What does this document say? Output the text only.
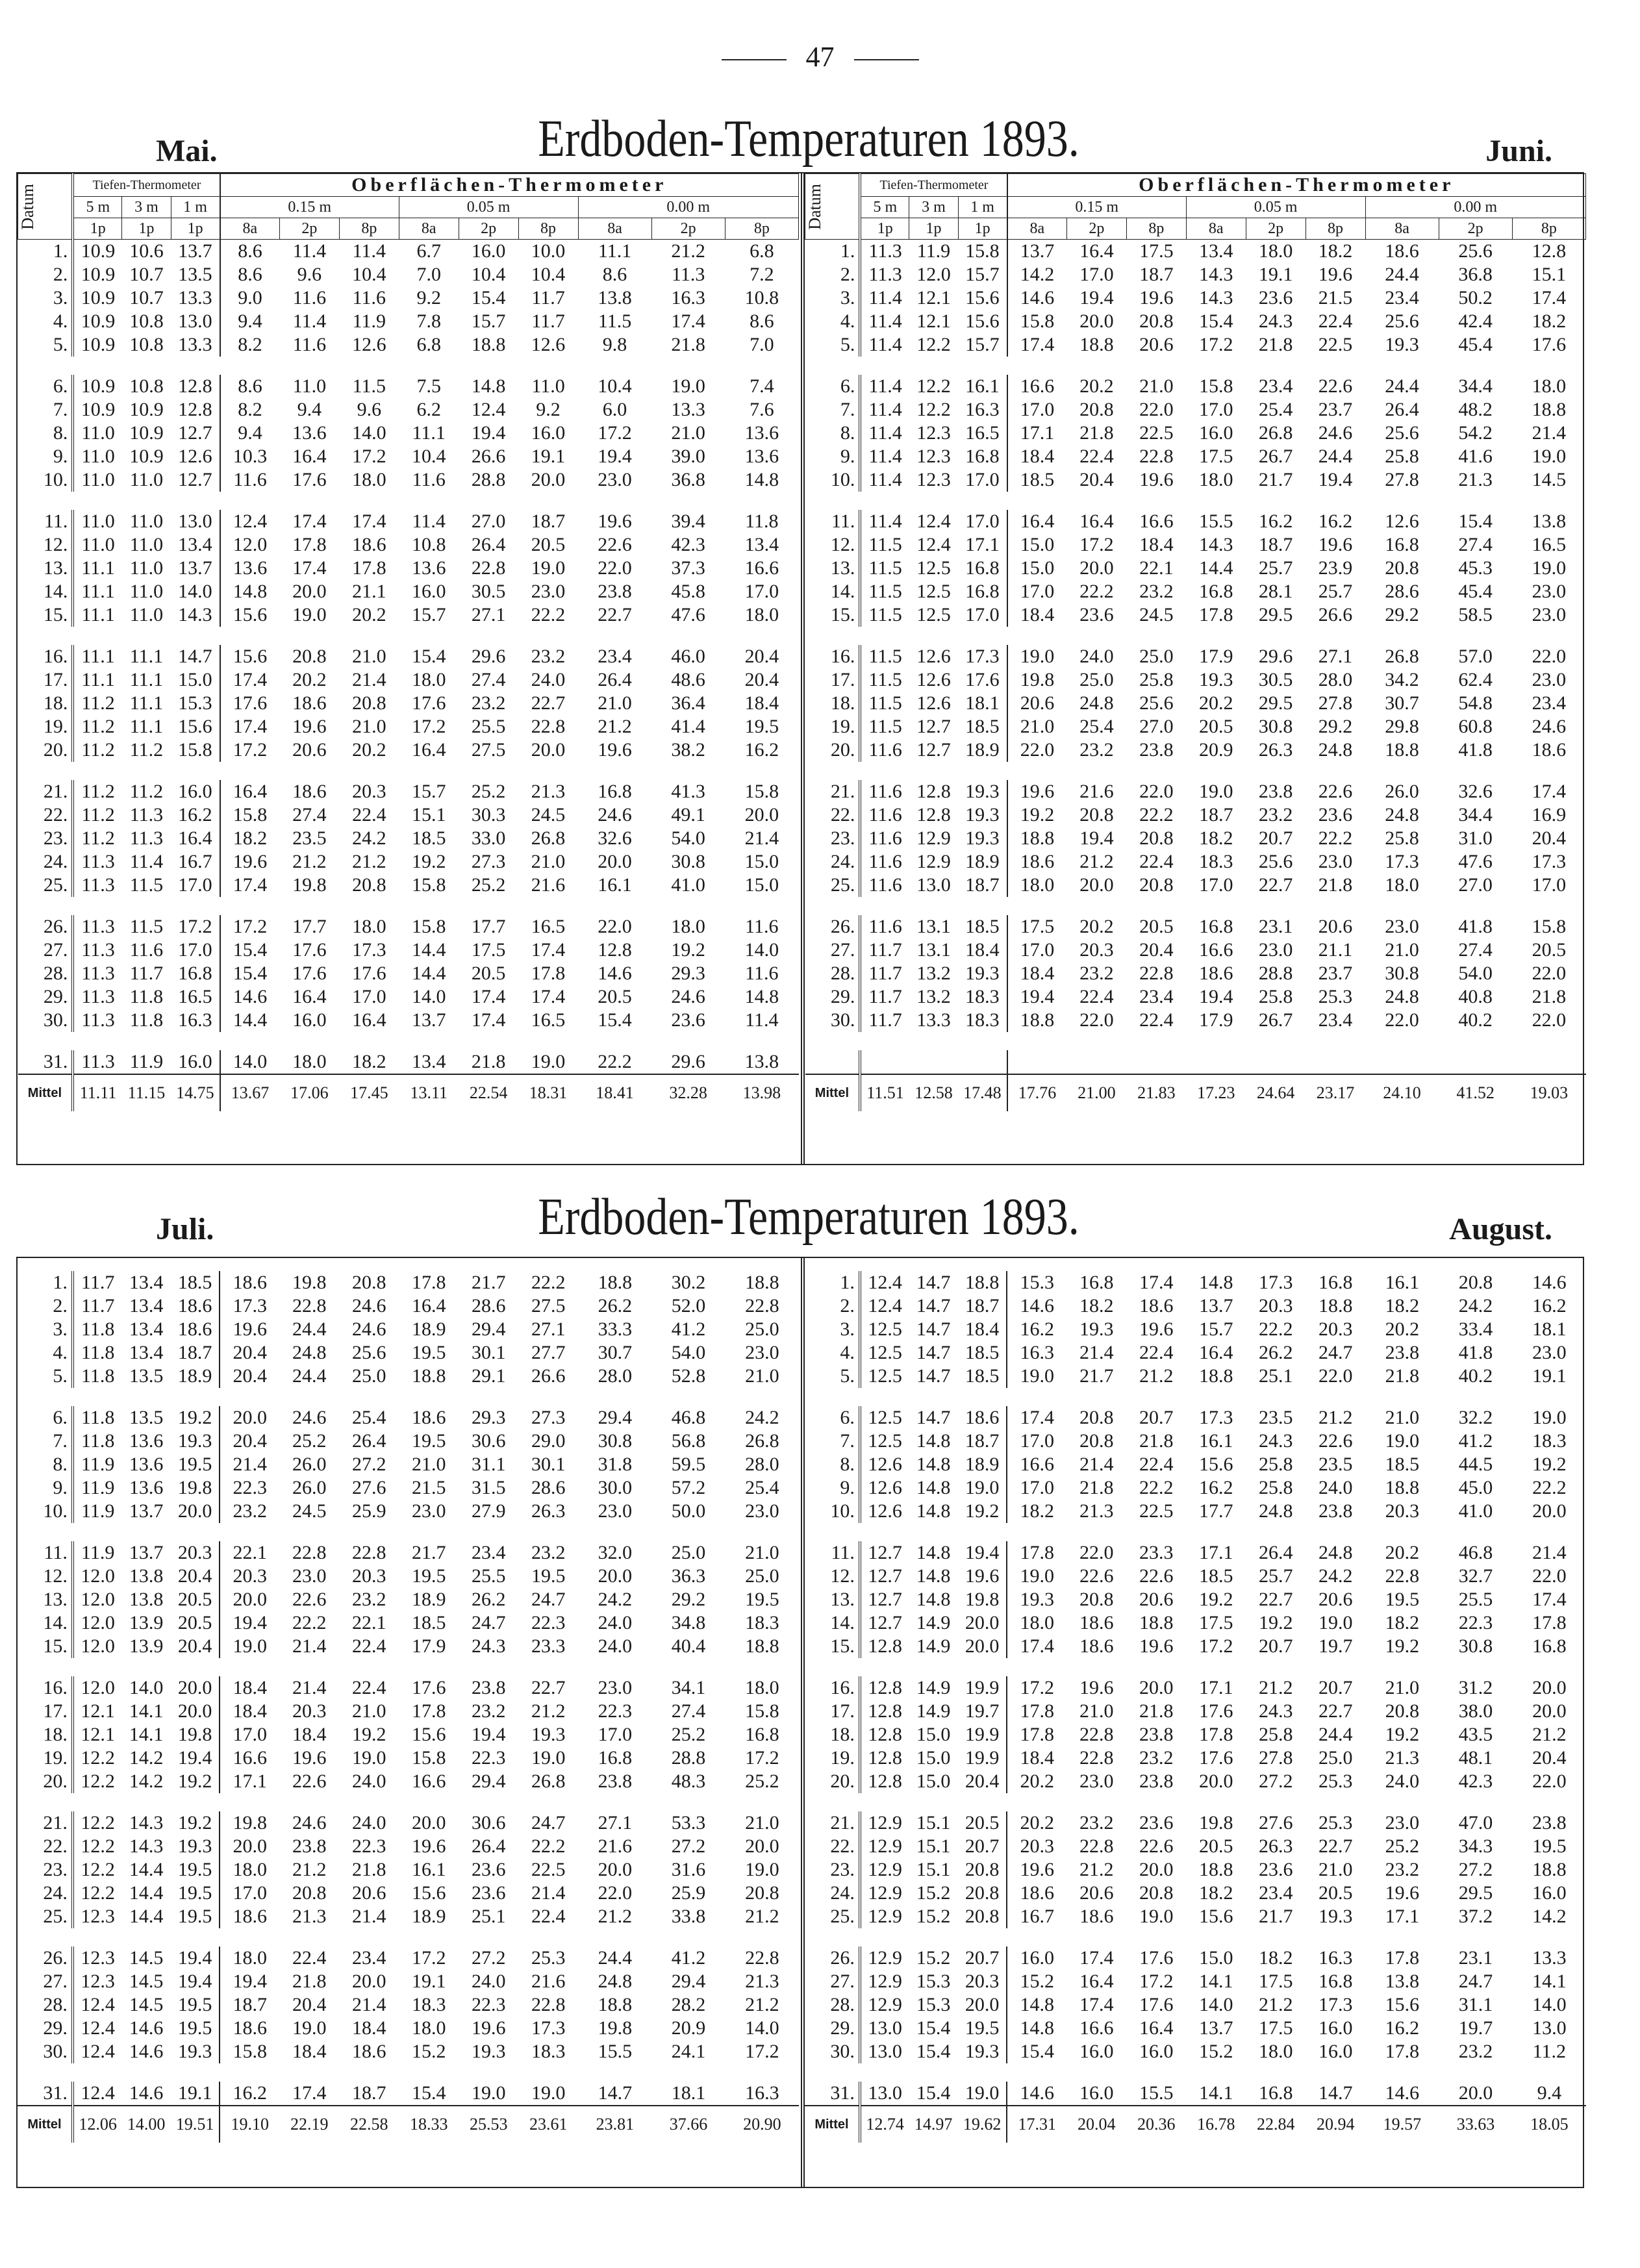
47
Mai.	Erdboden-Temperaturen 1893.	Juni.
Datum	Tiefen-Thermometer			Oberflächen-Thermometer								
	5 m	3 m	1 m	0.15 m			0.05 m			0.00 m		
	1p	1p	1p	8a	2p	8p	8a	2p	8p	8a	2p	8p
1.	10.9	10.6	13.7	8.6	11.4	11.4	6.7	16.0	10.0	11.1	21.2	6.8
2.	10.9	10.7	13.5	8.6	9.6	10.4	7.0	10.4	10.4	8.6	11.3	7.2
3.	10.9	10.7	13.3	9.0	11.6	11.6	9.2	15.4	11.7	13.8	16.3	10.8
4.	10.9	10.8	13.0	9.4	11.4	11.9	7.8	15.7	11.7	11.5	17.4	8.6
5.	10.9	10.8	13.3	8.2	11.6	12.6	6.8	18.8	12.6	9.8	21.8	7.0

6.	10.9	10.8	12.8	8.6	11.0	11.5	7.5	14.8	11.0	10.4	19.0	7.4
7.	10.9	10.9	12.8	8.2	9.4	9.6	6.2	12.4	9.2	6.0	13.3	7.6
8.	11.0	10.9	12.7	9.4	13.6	14.0	11.1	19.4	16.0	17.2	21.0	13.6
9.	11.0	10.9	12.6	10.3	16.4	17.2	10.4	26.6	19.1	19.4	39.0	13.6
10.	11.0	11.0	12.7	11.6	17.6	18.0	11.6	28.8	20.0	23.0	36.8	14.8

11.	11.0	11.0	13.0	12.4	17.4	17.4	11.4	27.0	18.7	19.6	39.4	11.8
12.	11.0	11.0	13.4	12.0	17.8	18.6	10.8	26.4	20.5	22.6	42.3	13.4
13.	11.1	11.0	13.7	13.6	17.4	17.8	13.6	22.8	19.0	22.0	37.3	16.6
14.	11.1	11.0	14.0	14.8	20.0	21.1	16.0	30.5	23.0	23.8	45.8	17.0
15.	11.1	11.0	14.3	15.6	19.0	20.2	15.7	27.1	22.2	22.7	47.6	18.0

16.	11.1	11.1	14.7	15.6	20.8	21.0	15.4	29.6	23.2	23.4	46.0	20.4
17.	11.1	11.1	15.0	17.4	20.2	21.4	18.0	27.4	24.0	26.4	48.6	20.4
18.	11.2	11.1	15.3	17.6	18.6	20.8	17.6	23.2	22.7	21.0	36.4	18.4
19.	11.2	11.1	15.6	17.4	19.6	21.0	17.2	25.5	22.8	21.2	41.4	19.5
20.	11.2	11.2	15.8	17.2	20.6	20.2	16.4	27.5	20.0	19.6	38.2	16.2

21.	11.2	11.2	16.0	16.4	18.6	20.3	15.7	25.2	21.3	16.8	41.3	15.8
22.	11.2	11.3	16.2	15.8	27.4	22.4	15.1	30.3	24.5	24.6	49.1	20.0
23.	11.2	11.3	16.4	18.2	23.5	24.2	18.5	33.0	26.8	32.6	54.0	21.4
24.	11.3	11.4	16.7	19.6	21.2	21.2	19.2	27.3	21.0	20.0	30.8	15.0
25.	11.3	11.5	17.0	17.4	19.8	20.8	15.8	25.2	21.6	16.1	41.0	15.0

26.	11.3	11.5	17.2	17.2	17.7	18.0	15.8	17.7	16.5	22.0	18.0	11.6
27.	11.3	11.6	17.0	15.4	17.6	17.3	14.4	17.5	17.4	12.8	19.2	14.0
28.	11.3	11.7	16.8	15.4	17.6	17.6	14.4	20.5	17.8	14.6	29.3	11.6
29.	11.3	11.8	16.5	14.6	16.4	17.0	14.0	17.4	17.4	20.5	24.6	14.8
30.	11.3	11.8	16.3	14.4	16.0	16.4	13.7	17.4	16.5	15.4	23.6	11.4

31.	11.3	11.9	16.0	14.0	18.0	18.2	13.4	21.8	19.0	22.2	29.6	13.8
Mittel	11.11	11.15	14.75	13.67	17.06	17.45	13.11	22.54	18.31	18.41	32.28	13.98
Datum	Tiefen-Thermometer			Oberflächen-Thermometer								
	5 m	3 m	1 m	0.15 m			0.05 m			0.00 m		
	1p	1p	1p	8a	2p	8p	8a	2p	8p	8a	2p	8p
1.	11.3	11.9	15.8	13.7	16.4	17.5	13.4	18.0	18.2	18.6	25.6	12.8
2.	11.3	12.0	15.7	14.2	17.0	18.7	14.3	19.1	19.6	24.4	36.8	15.1
3.	11.4	12.1	15.6	14.6	19.4	19.6	14.3	23.6	21.5	23.4	50.2	17.4
4.	11.4	12.1	15.6	15.8	20.0	20.8	15.4	24.3	22.4	25.6	42.4	18.2
5.	11.4	12.2	15.7	17.4	18.8	20.6	17.2	21.8	22.5	19.3	45.4	17.6

6.	11.4	12.2	16.1	16.6	20.2	21.0	15.8	23.4	22.6	24.4	34.4	18.0
7.	11.4	12.2	16.3	17.0	20.8	22.0	17.0	25.4	23.7	26.4	48.2	18.8
8.	11.4	12.3	16.5	17.1	21.8	22.5	16.0	26.8	24.6	25.6	54.2	21.4
9.	11.4	12.3	16.8	18.4	22.4	22.8	17.5	26.7	24.4	25.8	41.6	19.0
10.	11.4	12.3	17.0	18.5	20.4	19.6	18.0	21.7	19.4	27.8	21.3	14.5

11.	11.4	12.4	17.0	16.4	16.4	16.6	15.5	16.2	16.2	12.6	15.4	13.8
12.	11.5	12.4	17.1	15.0	17.2	18.4	14.3	18.7	19.6	16.8	27.4	16.5
13.	11.5	12.5	16.8	15.0	20.0	22.1	14.4	25.7	23.9	20.8	45.3	19.0
14.	11.5	12.5	16.8	17.0	22.2	23.2	16.8	28.1	25.7	28.6	45.4	23.0
15.	11.5	12.5	17.0	18.4	23.6	24.5	17.8	29.5	26.6	29.2	58.5	23.0

16.	11.5	12.6	17.3	19.0	24.0	25.0	17.9	29.6	27.1	26.8	57.0	22.0
17.	11.5	12.6	17.6	19.8	25.0	25.8	19.3	30.5	28.0	34.2	62.4	23.0
18.	11.5	12.6	18.1	20.6	24.8	25.6	20.2	29.5	27.8	30.7	54.8	23.4
19.	11.5	12.7	18.5	21.0	25.4	27.0	20.5	30.8	29.2	29.8	60.8	24.6
20.	11.6	12.7	18.9	22.0	23.2	23.8	20.9	26.3	24.8	18.8	41.8	18.6

21.	11.6	12.8	19.3	19.6	21.6	22.0	19.0	23.8	22.6	26.0	32.6	17.4
22.	11.6	12.8	19.3	19.2	20.8	22.2	18.7	23.2	23.6	24.8	34.4	16.9
23.	11.6	12.9	19.3	18.8	19.4	20.8	18.2	20.7	22.2	25.8	31.0	20.4
24.	11.6	12.9	18.9	18.6	21.2	22.4	18.3	25.6	23.0	17.3	47.6	17.3
25.	11.6	13.0	18.7	18.0	20.0	20.8	17.0	22.7	21.8	18.0	27.0	17.0

26.	11.6	13.1	18.5	17.5	20.2	20.5	16.8	23.1	20.6	23.0	41.8	15.8
27.	11.7	13.1	18.4	17.0	20.3	20.4	16.6	23.0	21.1	21.0	27.4	20.5
28.	11.7	13.2	19.3	18.4	23.2	22.8	18.6	28.8	23.7	30.8	54.0	22.0
29.	11.7	13.2	18.3	19.4	22.4	23.4	19.4	25.8	25.3	24.8	40.8	21.8
30.	11.7	13.3	18.3	18.8	22.0	22.4	17.9	26.7	23.4	22.0	40.2	22.0

Mittel	11.51	12.58	17.48	17.76	21.00	21.83	17.23	24.64	23.17	24.10	41.52	19.03
Juli.	Erdboden-Temperaturen 1893.	August.
1.	11.7	13.4	18.5	18.6	19.8	20.8	17.8	21.7	22.2	18.8	30.2	18.8
2.	11.7	13.4	18.6	17.3	22.8	24.6	16.4	28.6	27.5	26.2	52.0	22.8
3.	11.8	13.4	18.6	19.6	24.4	24.6	18.9	29.4	27.1	33.3	41.2	25.0
4.	11.8	13.4	18.7	20.4	24.8	25.6	19.5	30.1	27.7	30.7	54.0	23.0
5.	11.8	13.5	18.9	20.4	24.4	25.0	18.8	29.1	26.6	28.0	52.8	21.0

6.	11.8	13.5	19.2	20.0	24.6	25.4	18.6	29.3	27.3	29.4	46.8	24.2
7.	11.8	13.6	19.3	20.4	25.2	26.4	19.5	30.6	29.0	30.8	56.8	26.8
8.	11.9	13.6	19.5	21.4	26.0	27.2	21.0	31.1	30.1	31.8	59.5	28.0
9.	11.9	13.6	19.8	22.3	26.0	27.6	21.5	31.5	28.6	30.0	57.2	25.4
10.	11.9	13.7	20.0	23.2	24.5	25.9	23.0	27.9	26.3	23.0	50.0	23.0

11.	11.9	13.7	20.3	22.1	22.8	22.8	21.7	23.4	23.2	32.0	25.0	21.0
12.	12.0	13.8	20.4	20.3	23.0	20.3	19.5	25.5	19.5	20.0	36.3	25.0
13.	12.0	13.8	20.5	20.0	22.6	23.2	18.9	26.2	24.7	24.2	29.2	19.5
14.	12.0	13.9	20.5	19.4	22.2	22.1	18.5	24.7	22.3	24.0	34.8	18.3
15.	12.0	13.9	20.4	19.0	21.4	22.4	17.9	24.3	23.3	24.0	40.4	18.8

16.	12.0	14.0	20.0	18.4	21.4	22.4	17.6	23.8	22.7	23.0	34.1	18.0
17.	12.1	14.1	20.0	18.4	20.3	21.0	17.8	23.2	21.2	22.3	27.4	15.8
18.	12.1	14.1	19.8	17.0	18.4	19.2	15.6	19.4	19.3	17.0	25.2	16.8
19.	12.2	14.2	19.4	16.6	19.6	19.0	15.8	22.3	19.0	16.8	28.8	17.2
20.	12.2	14.2	19.2	17.1	22.6	24.0	16.6	29.4	26.8	23.8	48.3	25.2

21.	12.2	14.3	19.2	19.8	24.6	24.0	20.0	30.6	24.7	27.1	53.3	21.0
22.	12.2	14.3	19.3	20.0	23.8	22.3	19.6	26.4	22.2	21.6	27.2	20.0
23.	12.2	14.4	19.5	18.0	21.2	21.8	16.1	23.6	22.5	20.0	31.6	19.0
24.	12.2	14.4	19.5	17.0	20.8	20.6	15.6	23.6	21.4	22.0	25.9	20.8
25.	12.3	14.4	19.5	18.6	21.3	21.4	18.9	25.1	22.4	21.2	33.8	21.2

26.	12.3	14.5	19.4	18.0	22.4	23.4	17.2	27.2	25.3	24.4	41.2	22.8
27.	12.3	14.5	19.4	19.4	21.8	20.0	19.1	24.0	21.6	24.8	29.4	21.3
28.	12.4	14.5	19.5	18.7	20.4	21.4	18.3	22.3	22.8	18.8	28.2	21.2
29.	12.4	14.6	19.5	18.6	19.0	18.4	18.0	19.6	17.3	19.8	20.9	14.0
30.	12.4	14.6	19.3	15.8	18.4	18.6	15.2	19.3	18.3	15.5	24.1	17.2

31.	12.4	14.6	19.1	16.2	17.4	18.7	15.4	19.0	19.0	14.7	18.1	16.3
Mittel	12.06	14.00	19.51	19.10	22.19	22.58	18.33	25.53	23.61	23.81	37.66	20.90
1.	12.4	14.7	18.8	15.3	16.8	17.4	14.8	17.3	16.8	16.1	20.8	14.6
2.	12.4	14.7	18.7	14.6	18.2	18.6	13.7	20.3	18.8	18.2	24.2	16.2
3.	12.5	14.7	18.4	16.2	19.3	19.6	15.7	22.2	20.3	20.2	33.4	18.1
4.	12.5	14.7	18.5	16.3	21.4	22.4	16.4	26.2	24.7	23.8	41.8	23.0
5.	12.5	14.7	18.5	19.0	21.7	21.2	18.8	25.1	22.0	21.8	40.2	19.1

6.	12.5	14.7	18.6	17.4	20.8	20.7	17.3	23.5	21.2	21.0	32.2	19.0
7.	12.5	14.8	18.7	17.0	20.8	21.8	16.1	24.3	22.6	19.0	41.2	18.3
8.	12.6	14.8	18.9	16.6	21.4	22.4	15.6	25.8	23.5	18.5	44.5	19.2
9.	12.6	14.8	19.0	17.0	21.8	22.2	16.2	25.8	24.0	18.8	45.0	22.2
10.	12.6	14.8	19.2	18.2	21.3	22.5	17.7	24.8	23.8	20.3	41.0	20.0

11.	12.7	14.8	19.4	17.8	22.0	23.3	17.1	26.4	24.8	20.2	46.8	21.4
12.	12.7	14.8	19.6	19.0	22.6	22.6	18.5	25.7	24.2	22.8	32.7	22.0
13.	12.7	14.8	19.8	19.3	20.8	20.6	19.2	22.7	20.6	19.5	25.5	17.4
14.	12.7	14.9	20.0	18.0	18.6	18.8	17.5	19.2	19.0	18.2	22.3	17.8
15.	12.8	14.9	20.0	17.4	18.6	19.6	17.2	20.7	19.7	19.2	30.8	16.8

16.	12.8	14.9	19.9	17.2	19.6	20.0	17.1	21.2	20.7	21.0	31.2	20.0
17.	12.8	14.9	19.7	17.8	21.0	21.8	17.6	24.3	22.7	20.8	38.0	20.0
18.	12.8	15.0	19.9	17.8	22.8	23.8	17.8	25.8	24.4	19.2	43.5	21.2
19.	12.8	15.0	19.9	18.4	22.8	23.2	17.6	27.8	25.0	21.3	48.1	20.4
20.	12.8	15.0	20.4	20.2	23.0	23.8	20.0	27.2	25.3	24.0	42.3	22.0

21.	12.9	15.1	20.5	20.2	23.2	23.6	19.8	27.6	25.3	23.0	47.0	23.8
22.	12.9	15.1	20.7	20.3	22.8	22.6	20.5	26.3	22.7	25.2	34.3	19.5
23.	12.9	15.1	20.8	19.6	21.2	20.0	18.8	23.6	21.0	23.2	27.2	18.8
24.	12.9	15.2	20.8	18.6	20.6	20.8	18.2	23.4	20.5	19.6	29.5	16.0
25.	12.9	15.2	20.8	16.7	18.6	19.0	15.6	21.7	19.3	17.1	37.2	14.2

26.	12.9	15.2	20.7	16.0	17.4	17.6	15.0	18.2	16.3	17.8	23.1	13.3
27.	12.9	15.3	20.3	15.2	16.4	17.2	14.1	17.5	16.8	13.8	24.7	14.1
28.	12.9	15.3	20.0	14.8	17.4	17.6	14.0	21.2	17.3	15.6	31.1	14.0
29.	13.0	15.4	19.5	14.8	16.6	16.4	13.7	17.5	16.0	16.2	19.7	13.0
30.	13.0	15.4	19.3	15.4	16.0	16.0	15.2	18.0	16.0	17.8	23.2	11.2

31.	13.0	15.4	19.0	14.6	16.0	15.5	14.1	16.8	14.7	14.6	20.0	9.4
Mittel	12.74	14.97	19.62	17.31	20.04	20.36	16.78	22.84	20.94	19.57	33.63	18.05
